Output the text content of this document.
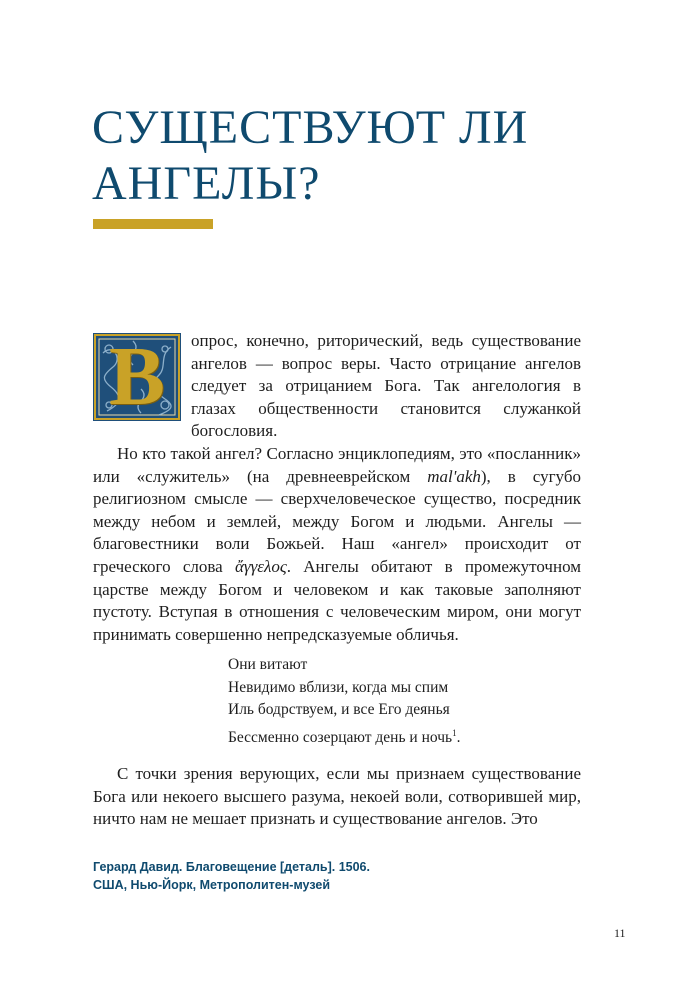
СУЩЕСТВУЮТ ЛИ
АНГЕЛЫ?

В	опрос, конечно, риторический, ведь существование ангелов — вопрос веры. Часто отрицание ангелов следует за отрицанием Бога. Так ангелология в глазах общественности становится служанкой богословия.

Но кто такой ангел? Согласно энциклопедиям, это «посланник» или «служитель» (на древнееврейском mal'akh), в сугубо религиозном смысле — сверхчеловеческое существо, посредник между небом и землей, между Богом и людьми. Ангелы — благовестники воли Божьей. Наш «ангел» происходит от греческого слова ἄγγελος. Ангелы обитают в промежуточном царстве между Богом и человеком и как таковые заполняют пустоту. Вступая в отношения с человеческим миром, они могут принимать совершенно непредсказуемые обличья.

Они витают
Невидимо вблизи, когда мы спим
Иль бодрствуем, и все Его деянья
Бессменно созерцают день и ночь$^1$.

С точки зрения верующих, если мы признаем существование Бога или некоего высшего разума, некоей воли, сотворившей мир, ничто нам не мешает признать и существование ангелов. Это

Герард Давид. Благовещение [деталь]. 1506.
США, Нью-Йорк, Метрополитен-музей
11
